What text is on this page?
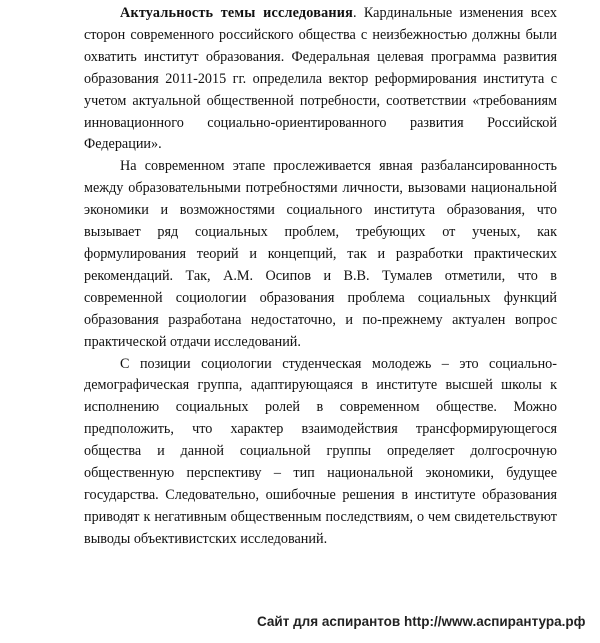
Актуальность темы исследования. Кардинальные изменения всех

сторон современного российского общества с неизбежностью должны были

охватить институт образования. Федеральная целевая программа развития

образования 2011-2015 гг. определила вектор реформирования института с

учетом актуальной общественной потребности, соответствии «требованиям

инновационного социально-ориентированного развития Российской

Федерации».

На современном этапе прослеживается явная разбалансированность

между образовательными потребностями личности, вызовами национальной

экономики и возможностями социального института образования, что

вызывает ряд социальных проблем, требующих от ученых, как

формулирования теорий и концепций, так и разработки практических

рекомендаций. Так, А.М. Осипов и В.В. Тумалев отметили, что в

современной социологии образования проблема социальных функций

образования разработана недостаточно, и по-прежнему актуален вопрос

практической отдачи исследований.

С позиции социологии студенческая молодежь – это социально-

демографическая группа, адаптирующаяся в институте высшей школы к

исполнению социальных ролей в современном обществе. Можно

предположить, что характер взаимодействия трансформирующегося

общества и данной социальной группы определяет долгосрочную

общественную перспективу – тип национальной экономики, будущее

государства. Следовательно, ошибочные решения в институте образования

приводят к негативным общественным последствиям, о чем свидетельствуют

выводы объективистских исследований.

Сайт для аспирантов http://www.аспирантура.рф
